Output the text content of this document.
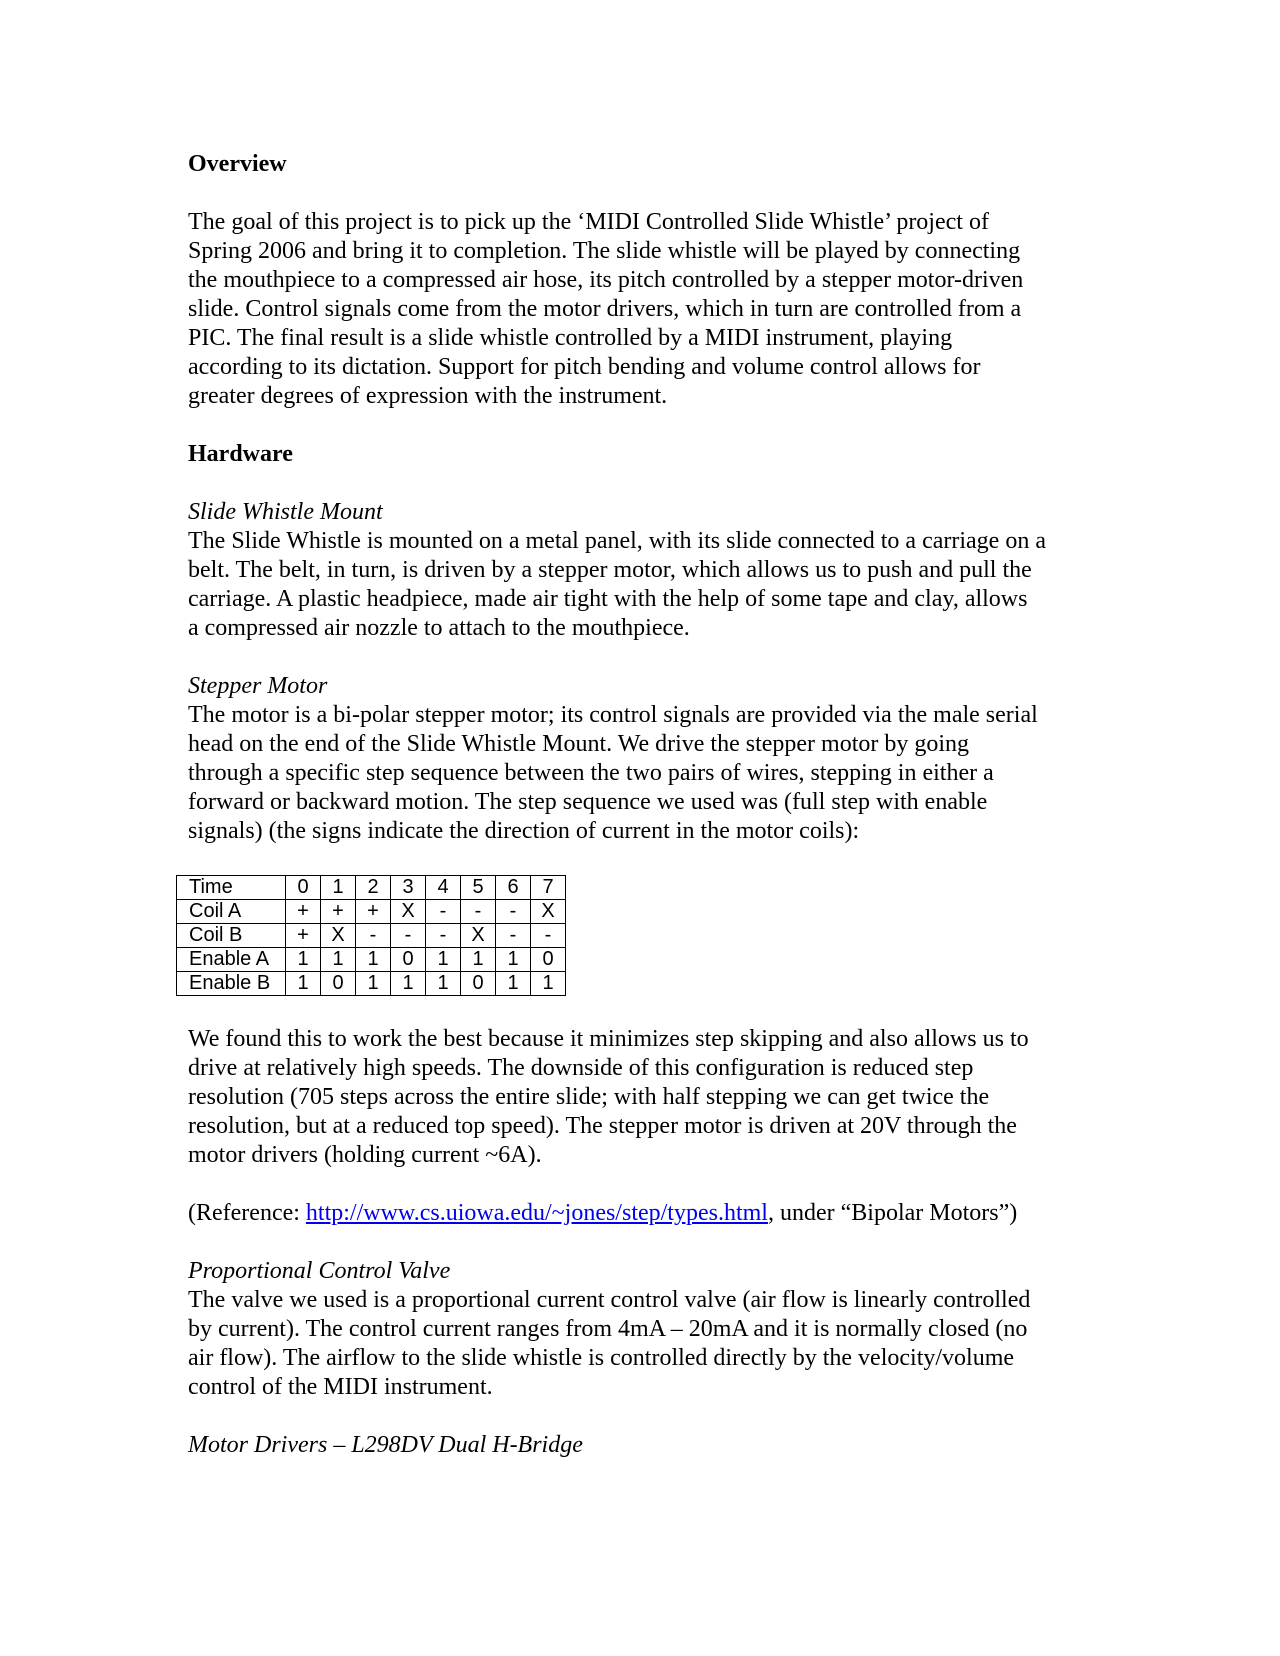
Overview

The goal of this project is to pick up the ‘MIDI Controlled Slide Whistle’ project of

Spring 2006 and bring it to completion. The slide whistle will be played by connecting

the mouthpiece to a compressed air hose, its pitch controlled by a stepper motor-driven

slide. Control signals come from the motor drivers, which in turn are controlled from a

PIC. The final result is a slide whistle controlled by a MIDI instrument, playing

according to its dictation. Support for pitch bending and volume control allows for

greater degrees of expression with the instrument.

Hardware

Slide Whistle Mount

The Slide Whistle is mounted on a metal panel, with its slide connected to a carriage on a

belt. The belt, in turn, is driven by a stepper motor, which allows us to push and pull the

carriage. A plastic headpiece, made air tight with the help of some tape and clay, allows

a compressed air nozzle to attach to the mouthpiece.

Stepper Motor

The motor is a bi-polar stepper motor; its control signals are provided via the male serial

head on the end of the Slide Whistle Mount. We drive the stepper motor by going

through a specific step sequence between the two pairs of wires, stepping in either a

forward or backward motion. The step sequence we used was (full step with enable

signals) (the signs indicate the direction of current in the motor coils):

Time	0	1	2	3	4	5	6	7
Coil A	+	+	+	X	-	-	-	X
Coil B	+	X	-	-	-	X	-	-
Enable A	1	1	1	0	1	1	1	0
Enable B	1	0	1	1	1	0	1	1

We found this to work the best because it minimizes step skipping and also allows us to

drive at relatively high speeds. The downside of this configuration is reduced step

resolution (705 steps across the entire slide; with half stepping we can get twice the

resolution, but at a reduced top speed). The stepper motor is driven at 20V through the

motor drivers (holding current ~6A).

(Reference: http://www.cs.uiowa.edu/~jones/step/types.html, under “Bipolar Motors”)

Proportional Control Valve

The valve we used is a proportional current control valve (air flow is linearly controlled

by current). The control current ranges from 4mA – 20mA and it is normally closed (no

air flow). The airflow to the slide whistle is controlled directly by the velocity/volume

control of the MIDI instrument.

Motor Drivers – L298DV Dual H-Bridge
